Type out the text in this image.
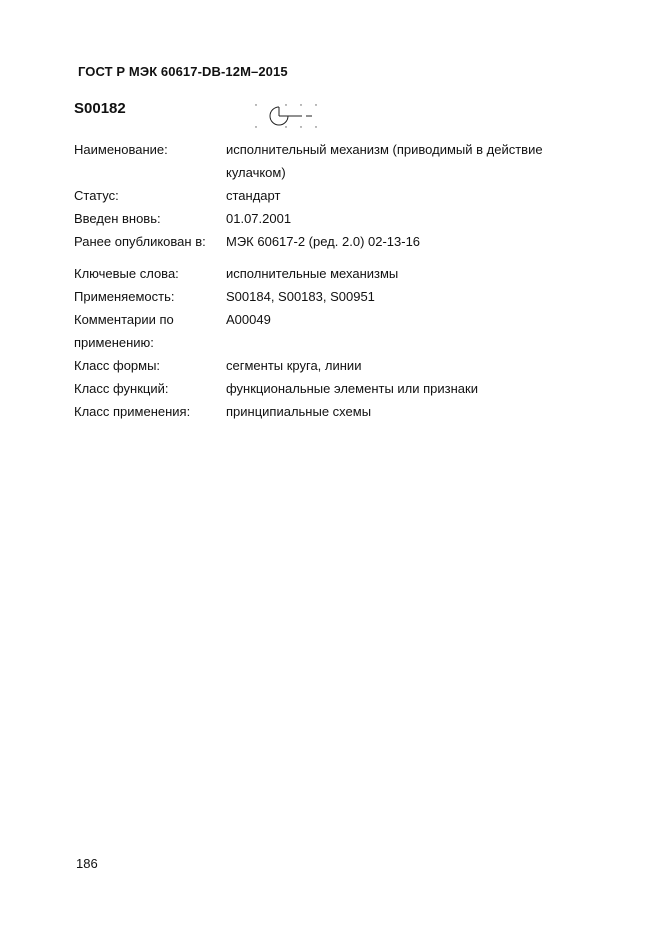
ГОСТ Р МЭК 60617-DB-12M–2015
S00182
Наименование:	исполнительный механизм (приводимый в действие кулачком)
Статус:	стандарт
Введен вновь:	01.07.2001
Ранее опубликован в:	МЭК 60617-2 (ред. 2.0) 02-13-16
Ключевые слова:	исполнительные механизмы
Применяемость:	S00184, S00183, S00951
Комментарии по применению:
A00049
Класс формы:	сегменты круга, линии
Класс функций:	функциональные элементы или признаки
Класс применения:	принципиальные схемы
186
